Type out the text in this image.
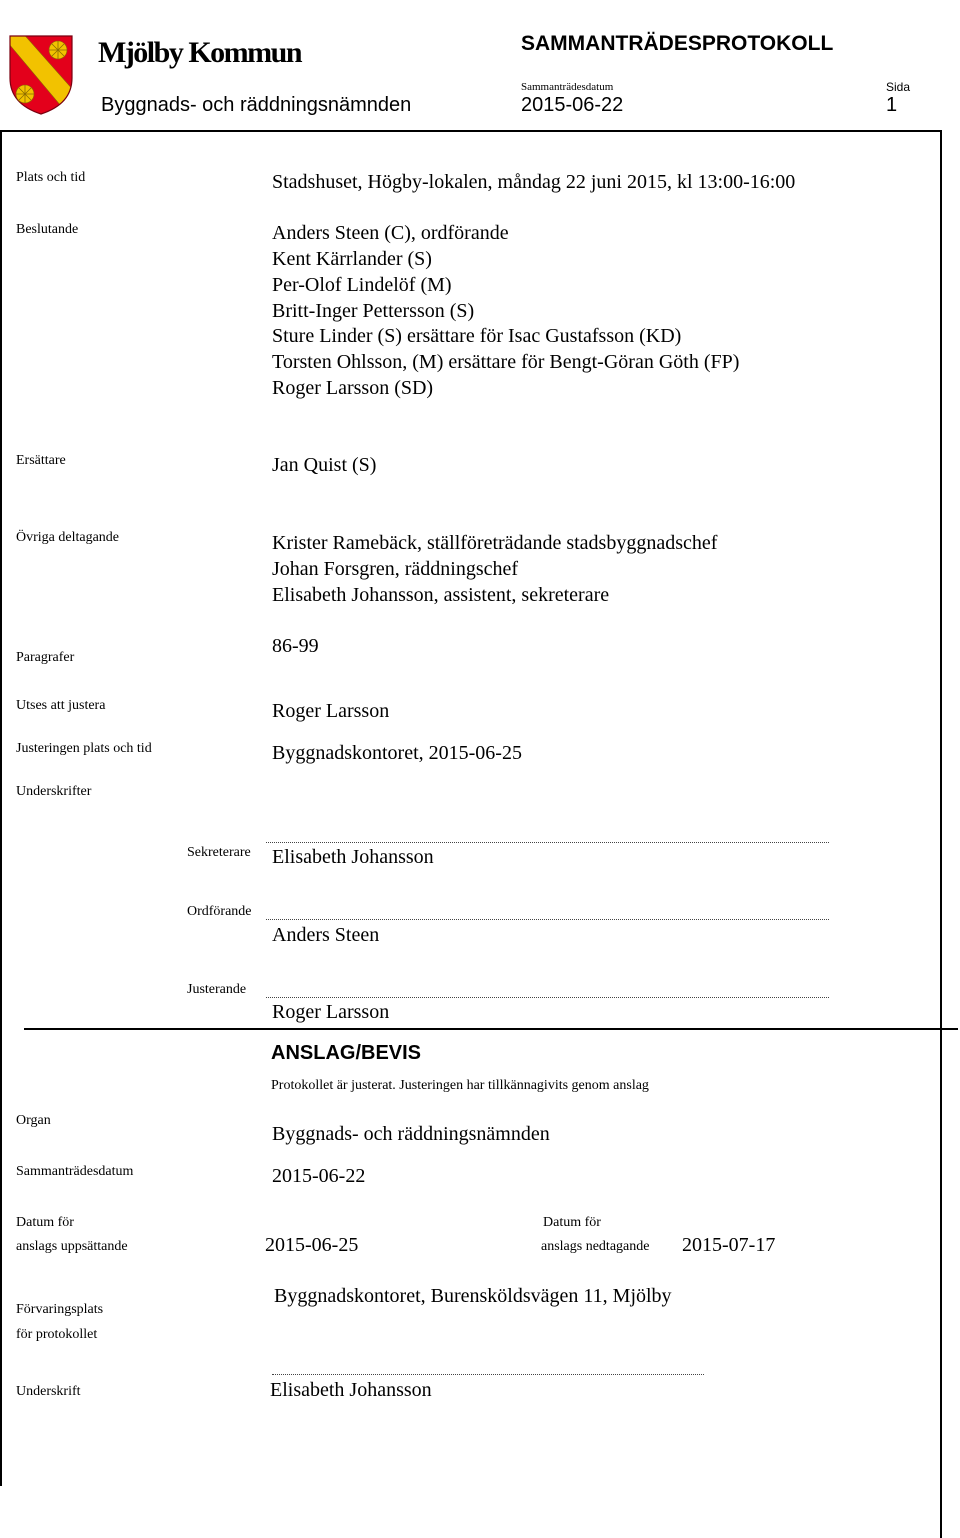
Mjölby Kommun
Byggnads- och räddningsnämnden
SAMMANTRÄDESPROTOKOLL
Sammanträdesdatum
2015-06-22
Sida
1
Plats och tid	Stadshuset, Högby-lokalen, måndag 22 juni 2015, kl 13:00-16:00
Beslutande	Anders Steen (C), ordförande
Kent Kärrlander (S)
Per-Olof Lindelöf (M)
Britt-Inger Pettersson (S)
Sture Linder (S) ersättare för Isac Gustafsson (KD)
Torsten Ohlsson, (M) ersättare för Bengt-Göran Göth (FP)
Roger Larsson (SD)
Ersättare	Jan Quist (S)
Övriga deltagande	Krister Ramebäck, ställföreträdande stadsbyggnadschef
Johan Forsgren, räddningschef
Elisabeth Johansson, assistent, sekreterare
Paragrafer
86-99
Utses att justera	Roger Larsson
Justeringen plats och tid	Byggnadskontoret, 2015-06-25
Underskrifter
Sekreterare Elisabeth Johansson
Ordförande
Anders Steen
Justerande
Roger Larsson
ANSLAG/BEVIS
Protokollet är justerat. Justeringen har tillkännagivits genom anslag
Organ
Byggnads- och räddningsnämnden
Sammanträdesdatum	2015-06-22
Datum för
anslags uppsättande	2015-06-25
Datum för
anslags nedtagande 2015-07-17
Förvaringsplats
för protokollet
Byggnadskontoret, Burensköldsvägen 11, Mjölby
Underskrift	Elisabeth Johansson
